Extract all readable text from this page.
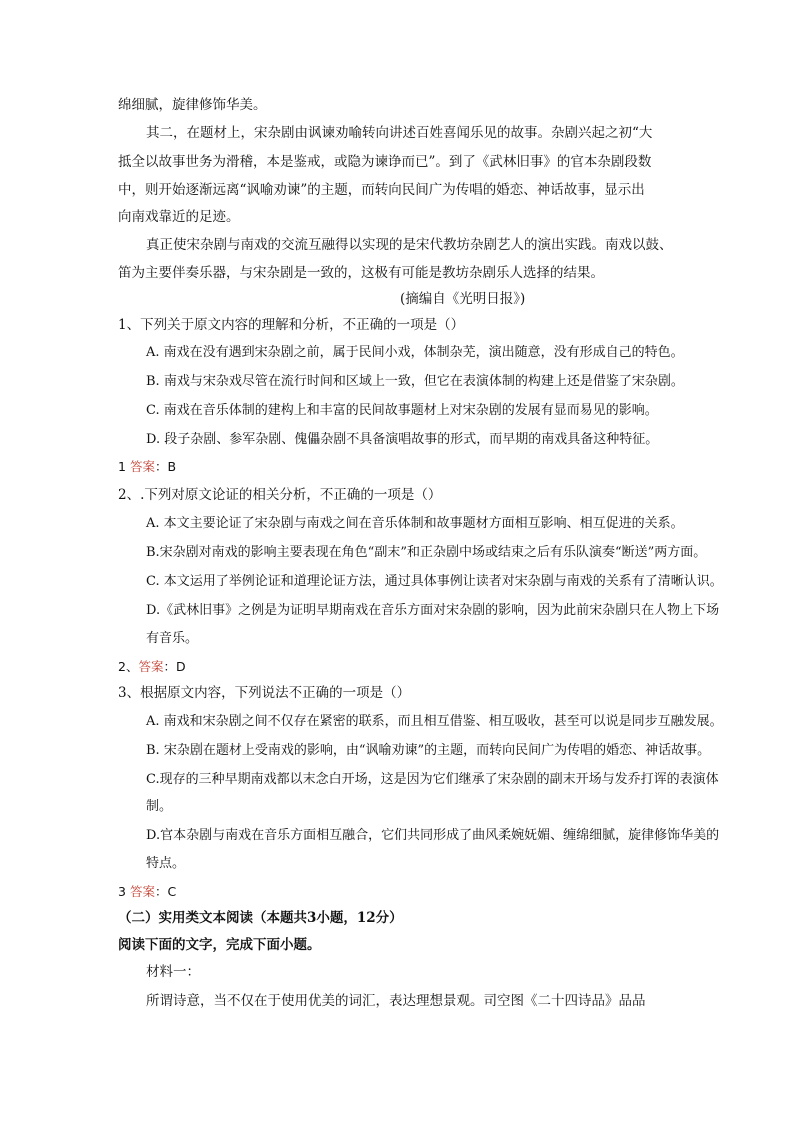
绵细腻，旋律修饰华美。
其二，在题材上，宋杂剧由讽谏劝喻转向讲述百姓喜闻乐见的故事。杂剧兴起之初“大
抵全以故事世务为滑稽，本是鉴戒，或隐为谏诤而已”。到了《武林旧事》的官本杂剧段数
中，则开始逐渐远离“讽喻劝谏”的主题，而转向民间广为传唱的婚恋、神话故事，显示出
向南戏靠近的足迹。
真正使宋杂剧与南戏的交流互融得以实现的是宋代教坊杂剧艺人的演出实践。南戏以鼓、
笛为主要伴奏乐器，与宋杂剧是一致的，这极有可能是教坊杂剧乐人选择的结果。
(摘编自《光明日报》)
1、下列关于原文内容的理解和分析，不正确的一项是（）
A. 南戏在没有遇到宋杂剧之前，属于民间小戏，体制杂芜，演出随意，没有形成自己的特色。
B. 南戏与宋杂戏尽管在流行时间和区域上一致，但它在表演体制的构建上还是借鉴了宋杂剧。
C. 南戏在音乐体制的建构上和丰富的民间故事题材上对宋杂剧的发展有显而易见的影响。
D. 段子杂剧、参军杂剧、傀儡杂剧不具备演唱故事的形式，而早期的南戏具备这种特征。
1 答案：B
2、.下列对原文论证的相关分析，不正确的一项是（）
A. 本文主要论证了宋杂剧与南戏之间在音乐体制和故事题材方面相互影响、相互促进的关系。
B.宋杂剧对南戏的影响主要表现在角色“副末”和正杂剧中场或结束之后有乐队演奏“断送”两方面。
C. 本文运用了举例论证和道理论证方法，通过具体事例让读者对宋杂剧与南戏的关系有了清晰认识。
D.《武林旧事》之例是为证明早期南戏在音乐方面对宋杂剧的影响，因为此前宋杂剧只在人物上下场
有音乐。
2、答案：D
3、根据原文内容，下列说法不正确的一项是（）
A. 南戏和宋杂剧之间不仅存在紧密的联系，而且相互借鉴、相互吸收，甚至可以说是同步互融发展。
B. 宋杂剧在题材上受南戏的影响，由“讽喻劝谏”的主题，而转向民间广为传唱的婚恋、神话故事。
C.现存的三种早期南戏都以末念白开场，这是因为它们继承了宋杂剧的副末开场与发乔打诨的表演体
制。
D.官本杂剧与南戏在音乐方面相互融合，它们共同形成了曲风柔婉妩媚、缠绵细腻，旋律修饰华美的
特点。
3 答案：C
（二）实用类文本阅读（本题共3小题，12分）
阅读下面的文字，完成下面小题。
材料一：
所谓诗意，当不仅在于使用优美的词汇，表达理想景观。司空图《二十四诗品》品品
